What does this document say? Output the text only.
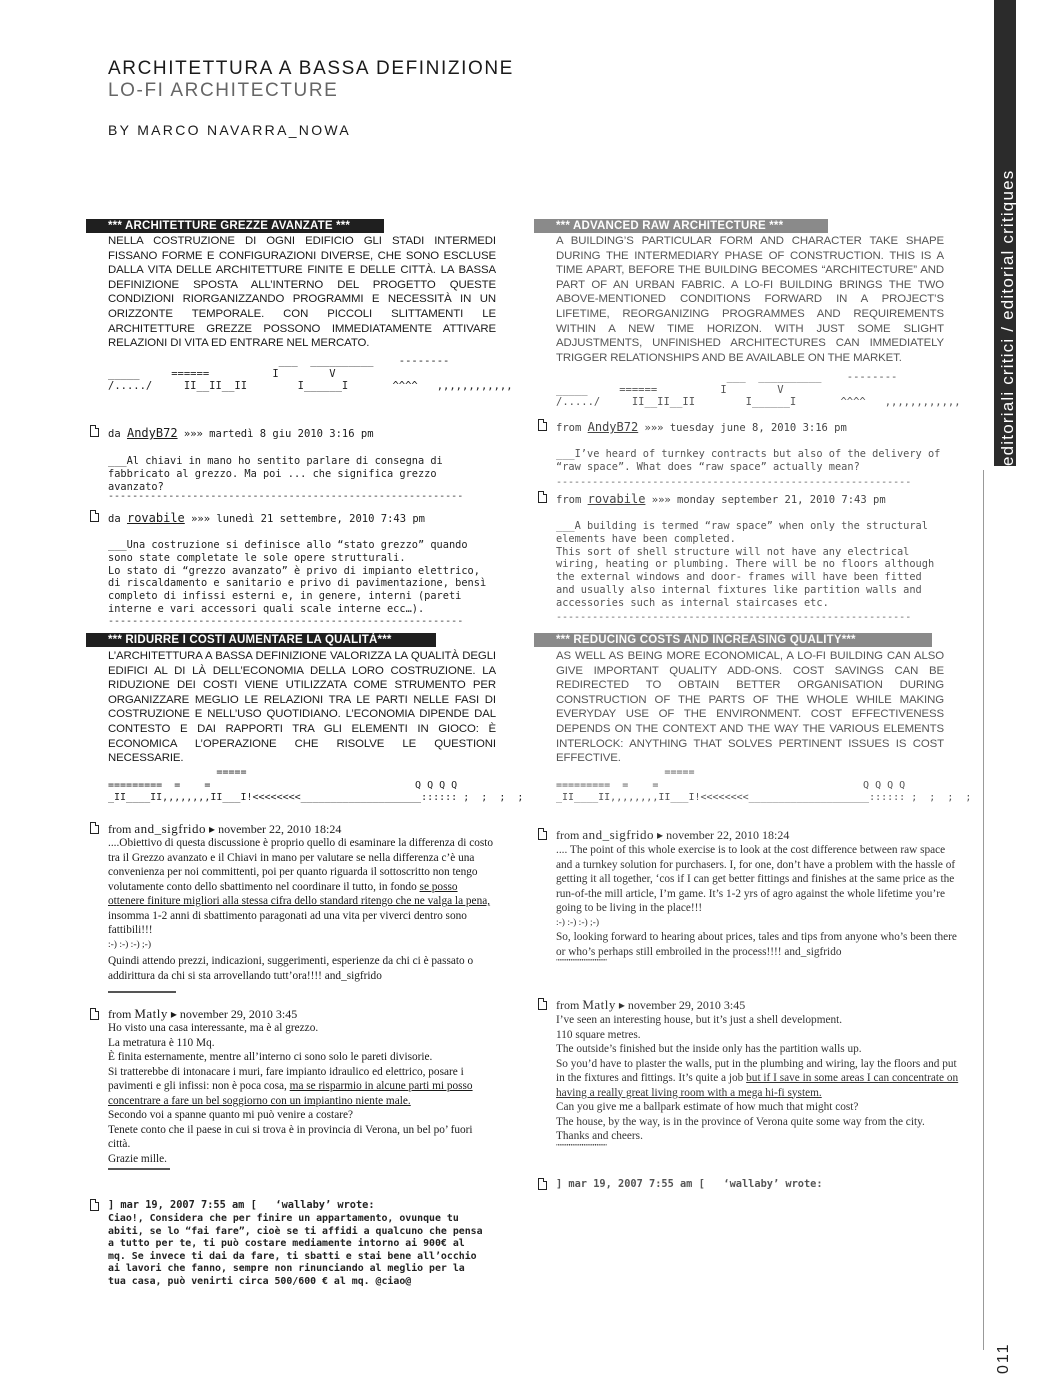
ARCHITETTURA A BASSA DEFINIZIONE
LO-FI ARCHITECTURE
BY MARCO NAVARRA_NOWA
editoriali critici / editorial critiques
011
*** ARCHITETTURE GREZZE AVANZATE ***
NELLA COSTRUZIONE DI OGNI EDIFICIO GLI STADI INTERMEDI FISSANO FORME E CONFIGURAZIONI DIVERSE, CHE SONO ESCLUSE DALLA VITA DELLE ARCHITETTURE FINITE E DELLE CITTÀ. LA BASSA DEFINIZIONE SPOSTA ALL’INTERNO DEL PROGETTO QUESTE CONDIZIONI RIORGANIZZANDO PROGRAMMI E NECESSITÀ IN UN ORIZZONTE TEMPORALE. CON PICCOLI SLITTAMENTI LE ARCHITETTURE GREZZE POSSONO IMMEDIATAMENTE ATTIVARE RELAZIONI DI VITA ED ENTRARE NEL MERCATO.
___  __________    --------
_____     ======          I        V
/...../     II__II__II        I______I       ^^^^   ,,,,,,,,,,,,
da AndyB72 »»» martedì 8 giu 2010 3:16 pm

___Al chiavi in mano ho sentito parlare di consegna di fabbricato al grezzo. Ma poi ... che significa grezzo avanzato?

-----------------------------------------------------------
da rovabile »»» lunedì 21 settembre, 2010 7:43 pm

___Una costruzione si definisce allo “stato grezzo” quando sono state completate le sole opere strutturali.
Lo stato di “grezzo avanzato” è privo di impianto elettrico, di riscaldamento e sanitario e privo di pavimentazione, bensì completo di infissi esterni e, in genere, interni (pareti interne e vari accessori quali scale interne ecc…).

-----------------------------------------------------------
*** RIDURRE I COSTI AUMENTARE LA QUALITÀ***
L’ARCHITETTURA A BASSA DEFINIZIONE VALORIZZA LA QUALITÀ DEGLI EDIFICI AL DI LÀ DELL’ECONOMIA DELLA LORO COSTRUZIONE. LA RIDUZIONE DEI COSTI VIENE UTILIZZATA COME STRUMENTO PER ORGANIZZARE MEGLIO LE RELAZIONI TRA LE PARTI NELLE FASI DI COSTRUZIONE E NELL’USO QUOTIDIANO. L’ECONOMIA DIPENDE DAL CONTESTO E DAI RAPPORTI TRA GLI ELEMENTI IN GIOCO: È ECONOMICA L’OPERAZIONE CHE RISOLVE LE QUESTIONI NECESSARIE.
=====
=========  =    =                                  Q Q Q Q
_II____II,,,,,,,,II___I!<<<<<<<<____________________:::::: ;  ;  ;  ;
from and_sigfrido ▸ november 22, 2010 18:24

....Obiettivo di questa discussione è proprio quello di esaminare la differenza di costo tra il Grezzo avanzato e il Chiavi in mano per valutare se nella differenza c’è una convenienza per noi committenti, poi per quanto riguarda il sottoscritto non tengo volutamente conto dello sbattimento nel coordinare il tutto, in fondo se posso ottenere finiture migliori alla stessa cifra dello standard ritengo che ne valga la pena, insomma 1-2 anni di sbattimento paragonati ad una vita per viverci dentro sono fattibili!!!

:-) :-) :-) ;-)

Quindi attendo prezzi, indicazioni, suggerimenti, esperienze da chi ci è passato o addirittura da chi si sta arrovellando tutt’ora!!!! and_sigfrido

from Matly ▸ november 29, 2010 3:45

Ho visto una casa interessante, ma è al grezzo.

La metratura è 110 Mq.

È finita esternamente, mentre all’interno ci sono solo le pareti divisorie.

Si tratterebbe di intonacare i muri, fare impianto idraulico ed elettrico, posare i pavimenti e gli infissi: non è poca cosa, ma se risparmio in alcune parti mi posso concentrare a fare un bel soggiorno con un impiantino niente male.

Secondo voi a spanne quanto mi può venire a costare?

Tenete conto che il paese in cui si trova è in provincia di Verona, un bel po’ fuori città.

Grazie mille.

] mar 19, 2007 7:55 am [   ‘wallaby’ wrote:

Ciao!, Considera che per finire un appartamento, ovunque tu abiti, se lo “fai fare”, cioè se ti affidi a qualcuno che pensa a tutto per te, ti può costare mediamente intorno ai 900€ al mq. Se invece ti dai da fare, ti sbatti e stai bene all’occhio ai lavori che fanno, sempre non rinunciando al meglio per la tua casa, può venirti circa 500/600 € al mq. @ciao@

*** ADVANCED RAW ARCHITECTURE ***
A BUILDING’S PARTICULAR FORM AND CHARACTER TAKE SHAPE DURING THE INTERMEDIARY PHASE OF CONSTRUCTION. THIS IS A TIME APART, BEFORE THE BUILDING BECOMES “ARCHITECTURE” AND PART OF AN URBAN FABRIC. A LO-FI BUILDING BRINGS THE TWO ABOVE-MENTIONED CONDITIONS FORWARD IN A PROJECT’S LIFETIME, REORGANIZING PROGRAMMES AND REQUIREMENTS WITHIN A NEW TIME HORIZON. WITH JUST SOME SLIGHT ADJUSTMENTS, UNFINISHED ARCHITECTURES CAN IMMEDIATELY TRIGGER RELATIONSHIPS AND BE AVAILABLE ON THE MARKET.
___  __________    --------
_____     ======          I        V
/...../     II__II__II        I______I       ^^^^   ,,,,,,,,,,,,
from AndyB72 »»» tuesday june 8, 2010 3:16 pm

___I’ve heard of turnkey contracts but also of the delivery of “raw space”. What does “raw space” actually mean?

-----------------------------------------------------------
from rovabile »»» monday september 21, 2010 7:43 pm

___A building is termed “raw space” when only the structural elements have been completed.
This sort of shell structure will not have any electrical wiring, heating or plumbing. There will be no floors although the external windows and door- frames will have been fitted and usually also internal fixtures like partition walls and accessories such as internal staircases etc.

-----------------------------------------------------------
*** REDUCING COSTS AND INCREASING QUALITY***
AS WELL AS BEING MORE ECONOMICAL, A LO-FI BUILDING CAN ALSO GIVE IMPORTANT QUALITY ADD-ONS. COST SAVINGS CAN BE REDIRECTED TO OBTAIN BETTER ORGANISATION DURING CONSTRUCTION OF THE PARTS OF THE WHOLE WHILE MAKING EVERYDAY USE OF THE ENVIRONMENT. COST EFFECTIVENESS DEPENDS ON THE CONTEXT AND THE WAY THE VARIOUS ELEMENTS INTERLOCK: ANYTHING THAT SOLVES PERTINENT ISSUES IS COST EFFECTIVE.
=====
=========  =    =                                  Q Q Q Q
_II____II,,,,,,,,II___I!<<<<<<<<____________________:::::: ;  ;  ;  ;
from and_sigfrido ▸ november 22, 2010 18:24

.... The point of this whole exercise is to look at the cost difference between raw space and a turnkey solution for purchasers. I, for one, don’t have a problem with the hassle of getting it all together, ‘cos if I can get better fittings and finishes at the same price as the run-of-the mill article, I’m game. It’s 1-2 yrs of agro against the whole lifetime you’re going to be living in the place!!!

:-) :-) :-) ;-)

So, looking forward to hearing about prices, tales and tips from anyone who’s been there or who’s perhaps still embroiled in the process!!!! and_sigfrido

"""""""""""""""""""""""""""

from Matly ▸ november 29, 2010 3:45

I’ve seen an interesting house, but it’s just a shell development.

110 square metres.

The outside’s finished but the inside only has the partition walls up.

So you’d have to plaster the walls, put in the plumbing and wiring, lay the floors and put in the fixtures and fittings. It’s quite a job but if I save in some areas I can concentrate on having a really great living room with a mega hi-fi system.

Can you give me a ballpark estimate of how much that might cost?

The house, by the way, is in the province of Verona quite some way from the city.

Thanks and cheers.

"""""""""""""""""""""""""""

] mar 19, 2007 7:55 am [   ‘wallaby’ wrote:
